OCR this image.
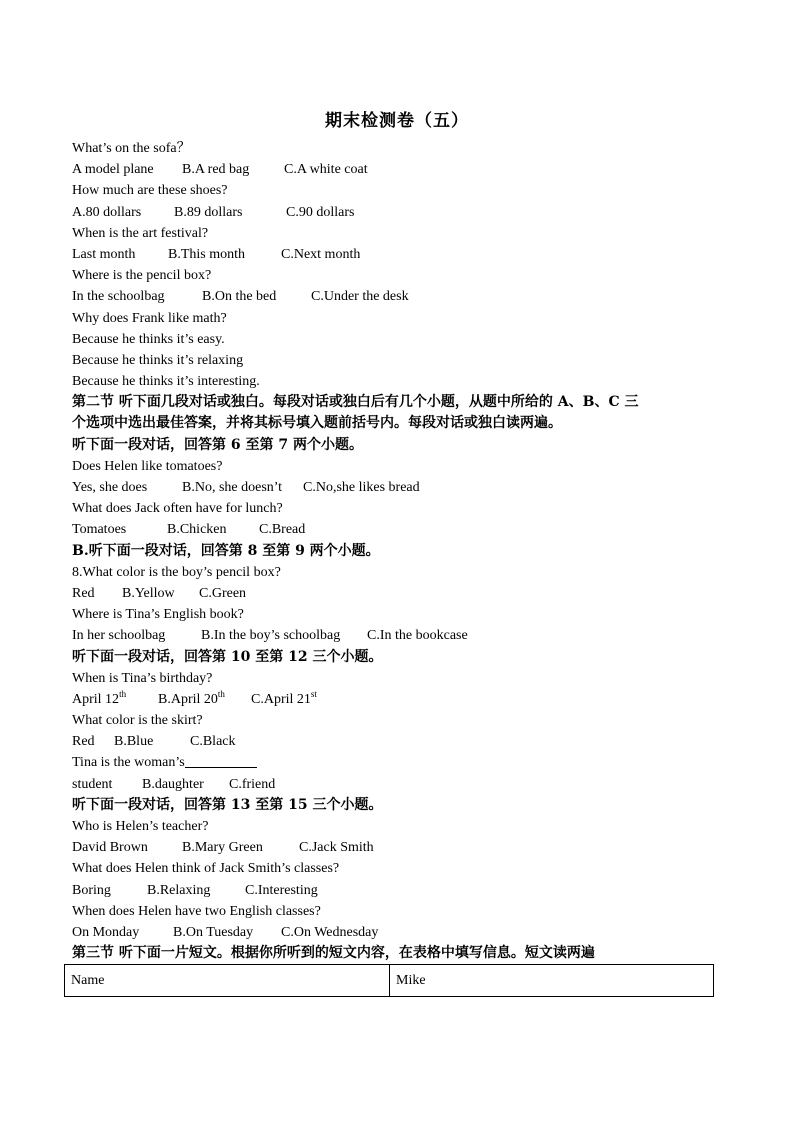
期末检测卷（五）
What’s on the sofa？
A model plane B.A red bag C.A white coat
How much are these shoes?
A.80 dollars B.89 dollars	C.90 dollars
When is the art festival?
Last month B.This month	C.Next month
Where is the pencil box?
In the schoolbag	B.On the bed C.Under the desk
Why does Frank like math?
Because he thinks it’s easy.
Because he thinks it’s relaxing
Because he thinks it’s interesting.
第二节 听下面几段对话或独白。每段对话或独白后有几个小题，从题中所给的 A、B、C 三
个选项中选出最佳答案，并将其标号填入题前括号内。每段对话或独白读两遍。
听下面一段对话，回答第 6 至第 7 两个小题。
Does Helen like tomatoes?
Yes, she does B.No, she doesn’t C.No,she likes bread
What does Jack often have for lunch?
Tomatoes	B.Chicken C.Bread
B.听下面一段对话，回答第 8 至第 9 两个小题。
8.What color is the boy’s pencil box?
Red B.Yellow C.Green
Where is Tina’s English book?
In her schoolbag	B.In the boy’s schoolbag C.In the bookcase
听下面一段对话，回答第 10 至第 12 三个小题。
When is Tina’s birthday?
April 12th B.April 20th C.April 21st
What color is the skirt?
Red B.Blue	C.Black
Tina is the woman’s
student B.daughter C.friend
听下面一段对话，回答第 13 至第 15 三个小题。
Who is Helen’s teacher?
David Brown B.Mary Green	C.Jack Smith
What does Helen think of Jack Smith’s classes?
Boring	B.Relaxing C.Interesting
When does Helen have two English classes?
On Monday B.On Tuesday C.On Wednesday
第三节 听下面一片短文。根据你所听到的短文内容，在表格中填写信息。短文读两遍
Name	Mike
